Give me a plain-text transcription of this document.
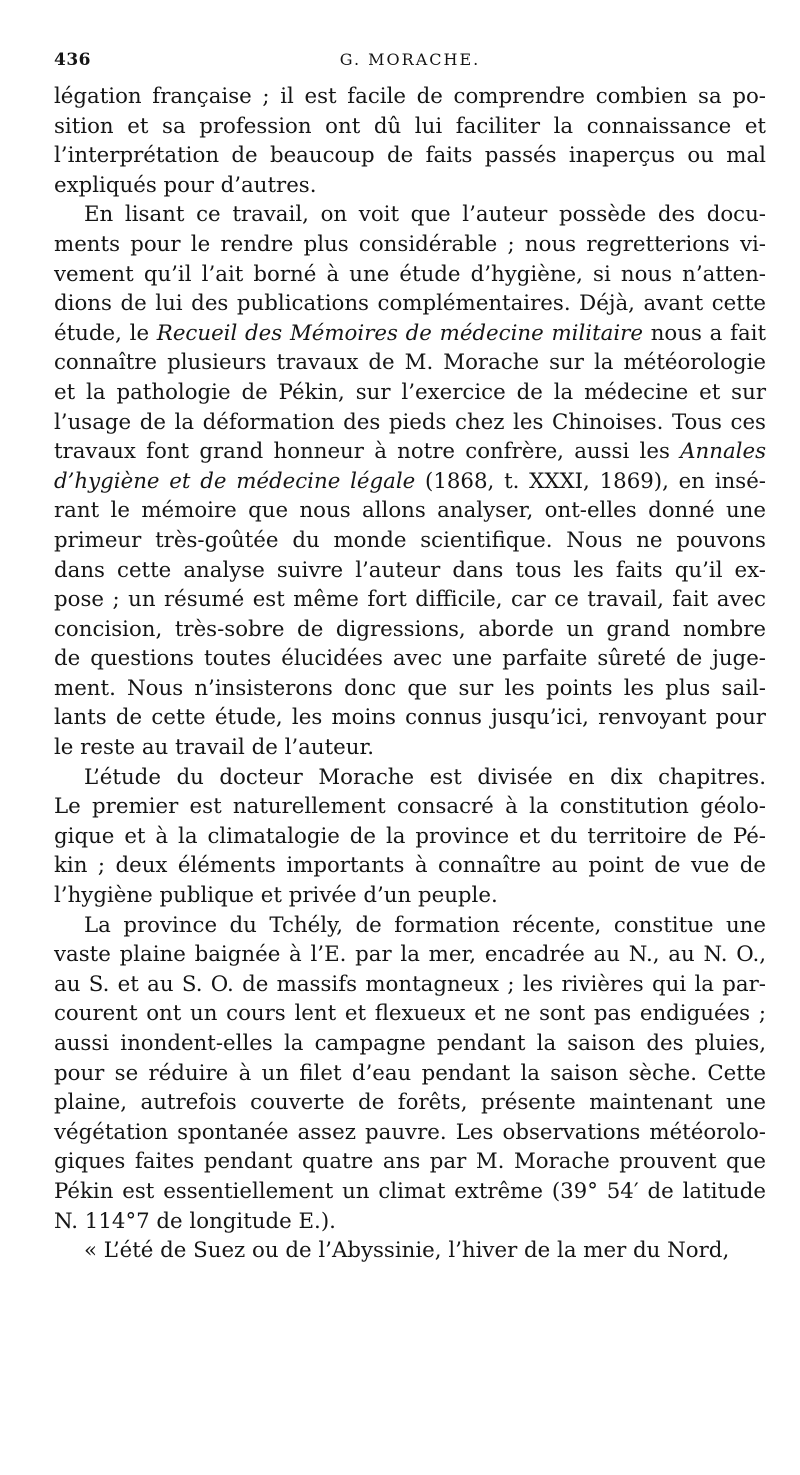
436	G. MORACHE.
légation française ; il est facile de comprendre combien sa po-
sition et sa profession ont dû lui faciliter la connaissance et
l’interprétation de beaucoup de faits passés inaperçus ou mal
expliqués pour d’autres.
En lisant ce travail, on voit que l’auteur possède des docu-
ments pour le rendre plus considérable ; nous regretterions vi-
vement qu’il l’ait borné à une étude d’hygiène, si nous n’atten-
dions de lui des publications complémentaires. Déjà, avant cette
étude, le Recueil des Mémoires de médecine militaire nous a fait
connaître plusieurs travaux de M. Morache sur la météorologie
et la pathologie de Pékin, sur l’exercice de la médecine et sur
l’usage de la déformation des pieds chez les Chinoises. Tous ces
travaux font grand honneur à notre confrère, aussi les Annales
d’hygiène et de médecine légale (1868, t. XXXI, 1869), en insé-
rant le mémoire que nous allons analyser, ont-elles donné une
primeur très-goûtée du monde scientifique. Nous ne pouvons
dans cette analyse suivre l’auteur dans tous les faits qu’il ex-
pose ; un résumé est même fort difficile, car ce travail, fait avec
concision, très-sobre de digressions, aborde un grand nombre
de questions toutes élucidées avec une parfaite sûreté de juge-
ment. Nous n’insisterons donc que sur les points les plus sail-
lants de cette étude, les moins connus jusqu’ici, renvoyant pour
le reste au travail de l’auteur.
L’étude du docteur Morache est divisée en dix chapitres.
Le premier est naturellement consacré à la constitution géolo-
gique et à la climatalogie de la province et du territoire de Pé-
kin ; deux éléments importants à connaître au point de vue de
l’hygiène publique et privée d’un peuple.
La province du Tchély, de formation récente, constitue une
vaste plaine baignée à l’E. par la mer, encadrée au N., au N. O.,
au S. et au S. O. de massifs montagneux ; les rivières qui la par-
courent ont un cours lent et flexueux et ne sont pas endiguées ;
aussi inondent-elles la campagne pendant la saison des pluies,
pour se réduire à un filet d’eau pendant la saison sèche. Cette
plaine, autrefois couverte de forêts, présente maintenant une
végétation spontanée assez pauvre. Les observations météorolo-
giques faites pendant quatre ans par M. Morache prouvent que
Pékin est essentiellement un climat extrême (39° 54′ de latitude
N. 114°7 de longitude E.).
« L’été de Suez ou de l’Abyssinie, l’hiver de la mer du Nord,
